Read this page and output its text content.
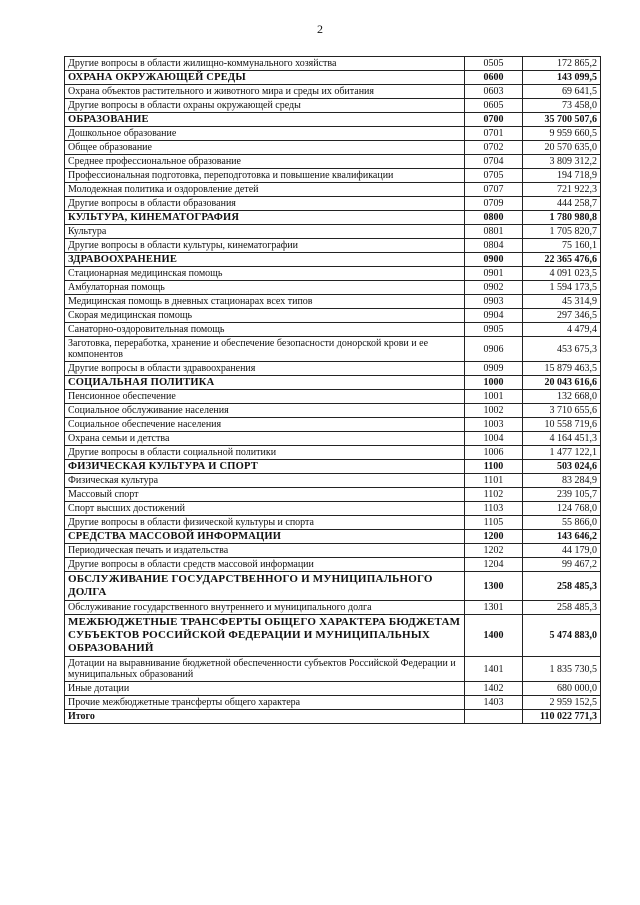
2
Другие вопросы в области жилищно-коммунального хозяйства	0505	172 865,2
ОХРАНА ОКРУЖАЮЩЕЙ СРЕДЫ	0600	143 099,5
Охрана объектов растительного и животного мира и среды их обитания	0603	69 641,5
Другие вопросы в области охраны окружающей среды	0605	73 458,0
ОБРАЗОВАНИЕ	0700	35 700 507,6
Дошкольное образование	0701	9 959 660,5
Общее образование	0702	20 570 635,0
Среднее профессиональное образование	0704	3 809 312,2
Профессиональная подготовка, переподготовка и повышение квалификации	0705	194 718,9
Молодежная политика и оздоровление детей	0707	721 922,3
Другие вопросы в области образования	0709	444 258,7
КУЛЬТУРА, КИНЕМАТОГРАФИЯ	0800	1 780 980,8
Культура	0801	1 705 820,7
Другие вопросы в области культуры, кинематографии	0804	75 160,1
ЗДРАВООХРАНЕНИЕ	0900	22 365 476,6
Стационарная медицинская помощь	0901	4 091 023,5
Амбулаторная помощь	0902	1 594 173,5
Медицинская помощь в дневных стационарах всех типов	0903	45 314,9
Скорая медицинская помощь	0904	297 346,5
Санаторно-оздоровительная помощь	0905	4 479,4
Заготовка, переработка, хранение и обеспечение безопасности донорской крови и ее компонентов	0906	453 675,3
Другие вопросы в области здравоохранения	0909	15 879 463,5
СОЦИАЛЬНАЯ ПОЛИТИКА	1000	20 043 616,6
Пенсионное обеспечение	1001	132 668,0
Социальное обслуживание населения	1002	3 710 655,6
Социальное обеспечение населения	1003	10 558 719,6
Охрана семьи и детства	1004	4 164 451,3
Другие вопросы в области социальной политики	1006	1 477 122,1
ФИЗИЧЕСКАЯ КУЛЬТУРА И СПОРТ	1100	503 024,6
Физическая культура	1101	83 284,9
Массовый спорт	1102	239 105,7
Спорт высших достижений	1103	124 768,0
Другие вопросы в области физической культуры и спорта	1105	55 866,0
СРЕДСТВА МАССОВОЙ ИНФОРМАЦИИ	1200	143 646,2
Периодическая печать и издательства	1202	44 179,0
Другие вопросы в области средств массовой информации	1204	99 467,2
ОБСЛУЖИВАНИЕ ГОСУДАРСТВЕННОГО И МУНИЦИПАЛЬНОГО ДОЛГА	1300	258 485,3
Обслуживание государственного внутреннего и муниципального долга	1301	258 485,3
МЕЖБЮДЖЕТНЫЕ ТРАНСФЕРТЫ ОБЩЕГО ХАРАКТЕРА БЮДЖЕТАМ СУБЪЕКТОВ РОССИЙСКОЙ ФЕДЕРАЦИИ И МУНИЦИПАЛЬНЫХ ОБРАЗОВАНИЙ	1400	5 474 883,0
Дотации на выравнивание бюджетной обеспеченности субъектов Российской Федерации и муниципальных образований	1401	1 835 730,5
Иные дотации	1402	680 000,0
Прочие межбюджетные трансферты общего характера	1403	2 959 152,5
Итого		110 022 771,3
